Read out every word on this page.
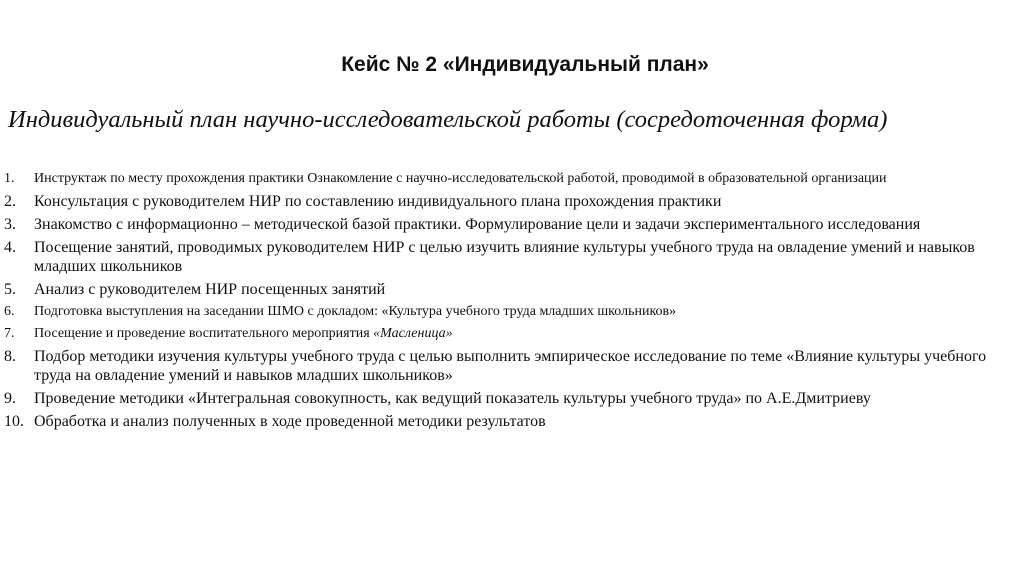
Кейс № 2 «Индивидуальный план»
Индивидуальный план научно-исследовательской работы (сосредоточенная форма)
1.	Инструктаж по месту прохождения практики Ознакомление с научно-исследовательской работой, проводимой в образовательной организации
2.	Консультация с руководителем НИР по составлению индивидуального плана прохождения практики
3.	Знакомство с информационно – методической базой практики. Формулирование цели и задачи экспериментального исследования
4.	Посещение занятий, проводимых руководителем НИР с целью изучить влияние культуры учебного труда на овладение умений и навыков младших школьников
5.	Анализ с руководителем НИР посещенных занятий
6.	Подготовка выступления на заседании ШМО с докладом: «Культура учебного труда младших школьников»
7.	Посещение и проведение воспитательного мероприятия «Масленица»
8.	Подбор методики изучения культуры учебного труда с целью выполнить эмпирическое исследование по теме «Влияние культуры учебного труда на овладение умений и навыков младших школьников»
9.	Проведение методики «Интегральная совокупность, как ведущий показатель культуры учебного труда» по А.Е.Дмитриеву
10. Обработка и анализ полученных в ходе проведенной методики результатов
